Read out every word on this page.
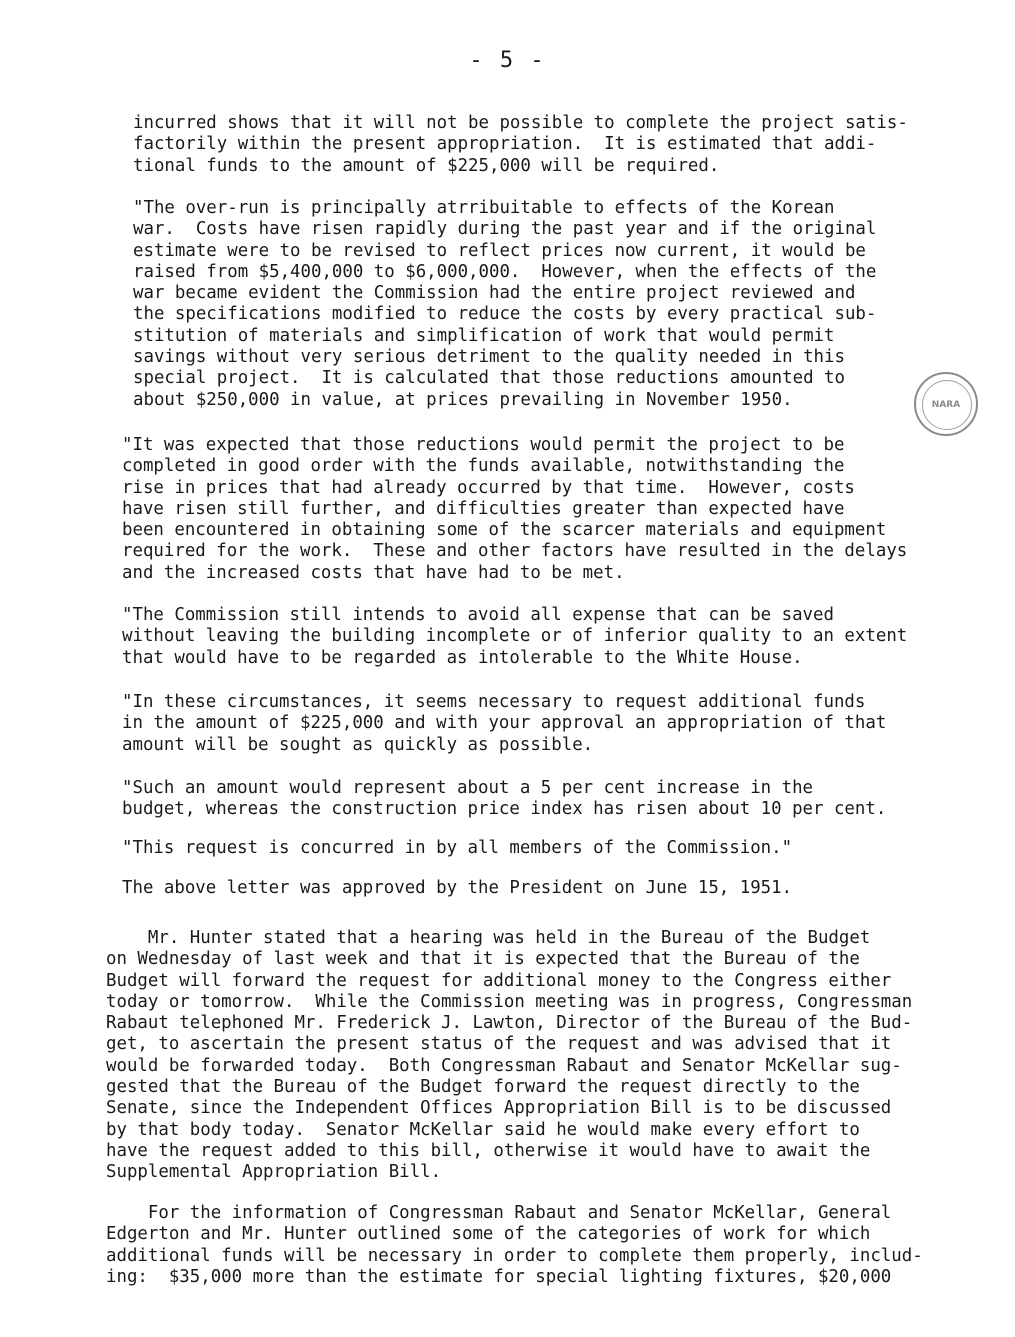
- 5 -
NARA

incurred shows that it will not be possible to complete the project satis-
factorily within the present appropriation.  It is estimated that addi-
tional funds to the amount of $225,000 will be required.

"The over-run is principally atrribuitable to effects of the Korean
war.  Costs have risen rapidly during the past year and if the original
estimate were to be revised to reflect prices now current, it would be
raised from $5,400,000 to $6,000,000.  However, when the effects of the
war became evident the Commission had the entire project reviewed and
the specifications modified to reduce the costs by every practical sub-
stitution of materials and simplification of work that would permit
savings without very serious detriment to the quality needed in this
special project.  It is calculated that those reductions amounted to
about $250,000 in value, at prices prevailing in November 1950.

"It was expected that those reductions would permit the project to be
completed in good order with the funds available, notwithstanding the
rise in prices that had already occurred by that time.  However, costs
have risen still further, and difficulties greater than expected have
been encountered in obtaining some of the scarcer materials and equipment
required for the work.  These and other factors have resulted in the delays
and the increased costs that have had to be met.

"The Commission still intends to avoid all expense that can be saved
without leaving the building incomplete or of inferior quality to an extent
that would have to be regarded as intolerable to the White House.

"In these circumstances, it seems necessary to request additional funds
in the amount of $225,000 and with your approval an appropriation of that
amount will be sought as quickly as possible.

"Such an amount would represent about a 5 per cent increase in the
budget, whereas the construction price index has risen about 10 per cent.

"This request is concurred in by all members of the Commission."

The above letter was approved by the President on June 15, 1951.

Mr. Hunter stated that a hearing was held in the Bureau of the Budget
on Wednesday of last week and that it is expected that the Bureau of the
Budget will forward the request for additional money to the Congress either
today or tomorrow.  While the Commission meeting was in progress, Congressman
Rabaut telephoned Mr. Frederick J. Lawton, Director of the Bureau of the Bud-
get, to ascertain the present status of the request and was advised that it
would be forwarded today.  Both Congressman Rabaut and Senator McKellar sug-
gested that the Bureau of the Budget forward the request directly to the
Senate, since the Independent Offices Appropriation Bill is to be discussed
by that body today.  Senator McKellar said he would make every effort to
have the request added to this bill, otherwise it would have to await the
Supplemental Appropriation Bill.

For the information of Congressman Rabaut and Senator McKellar, General
Edgerton and Mr. Hunter outlined some of the categories of work for which
additional funds will be necessary in order to complete them properly, includ-
ing:  $35,000 more than the estimate for special lighting fixtures, $20,000
